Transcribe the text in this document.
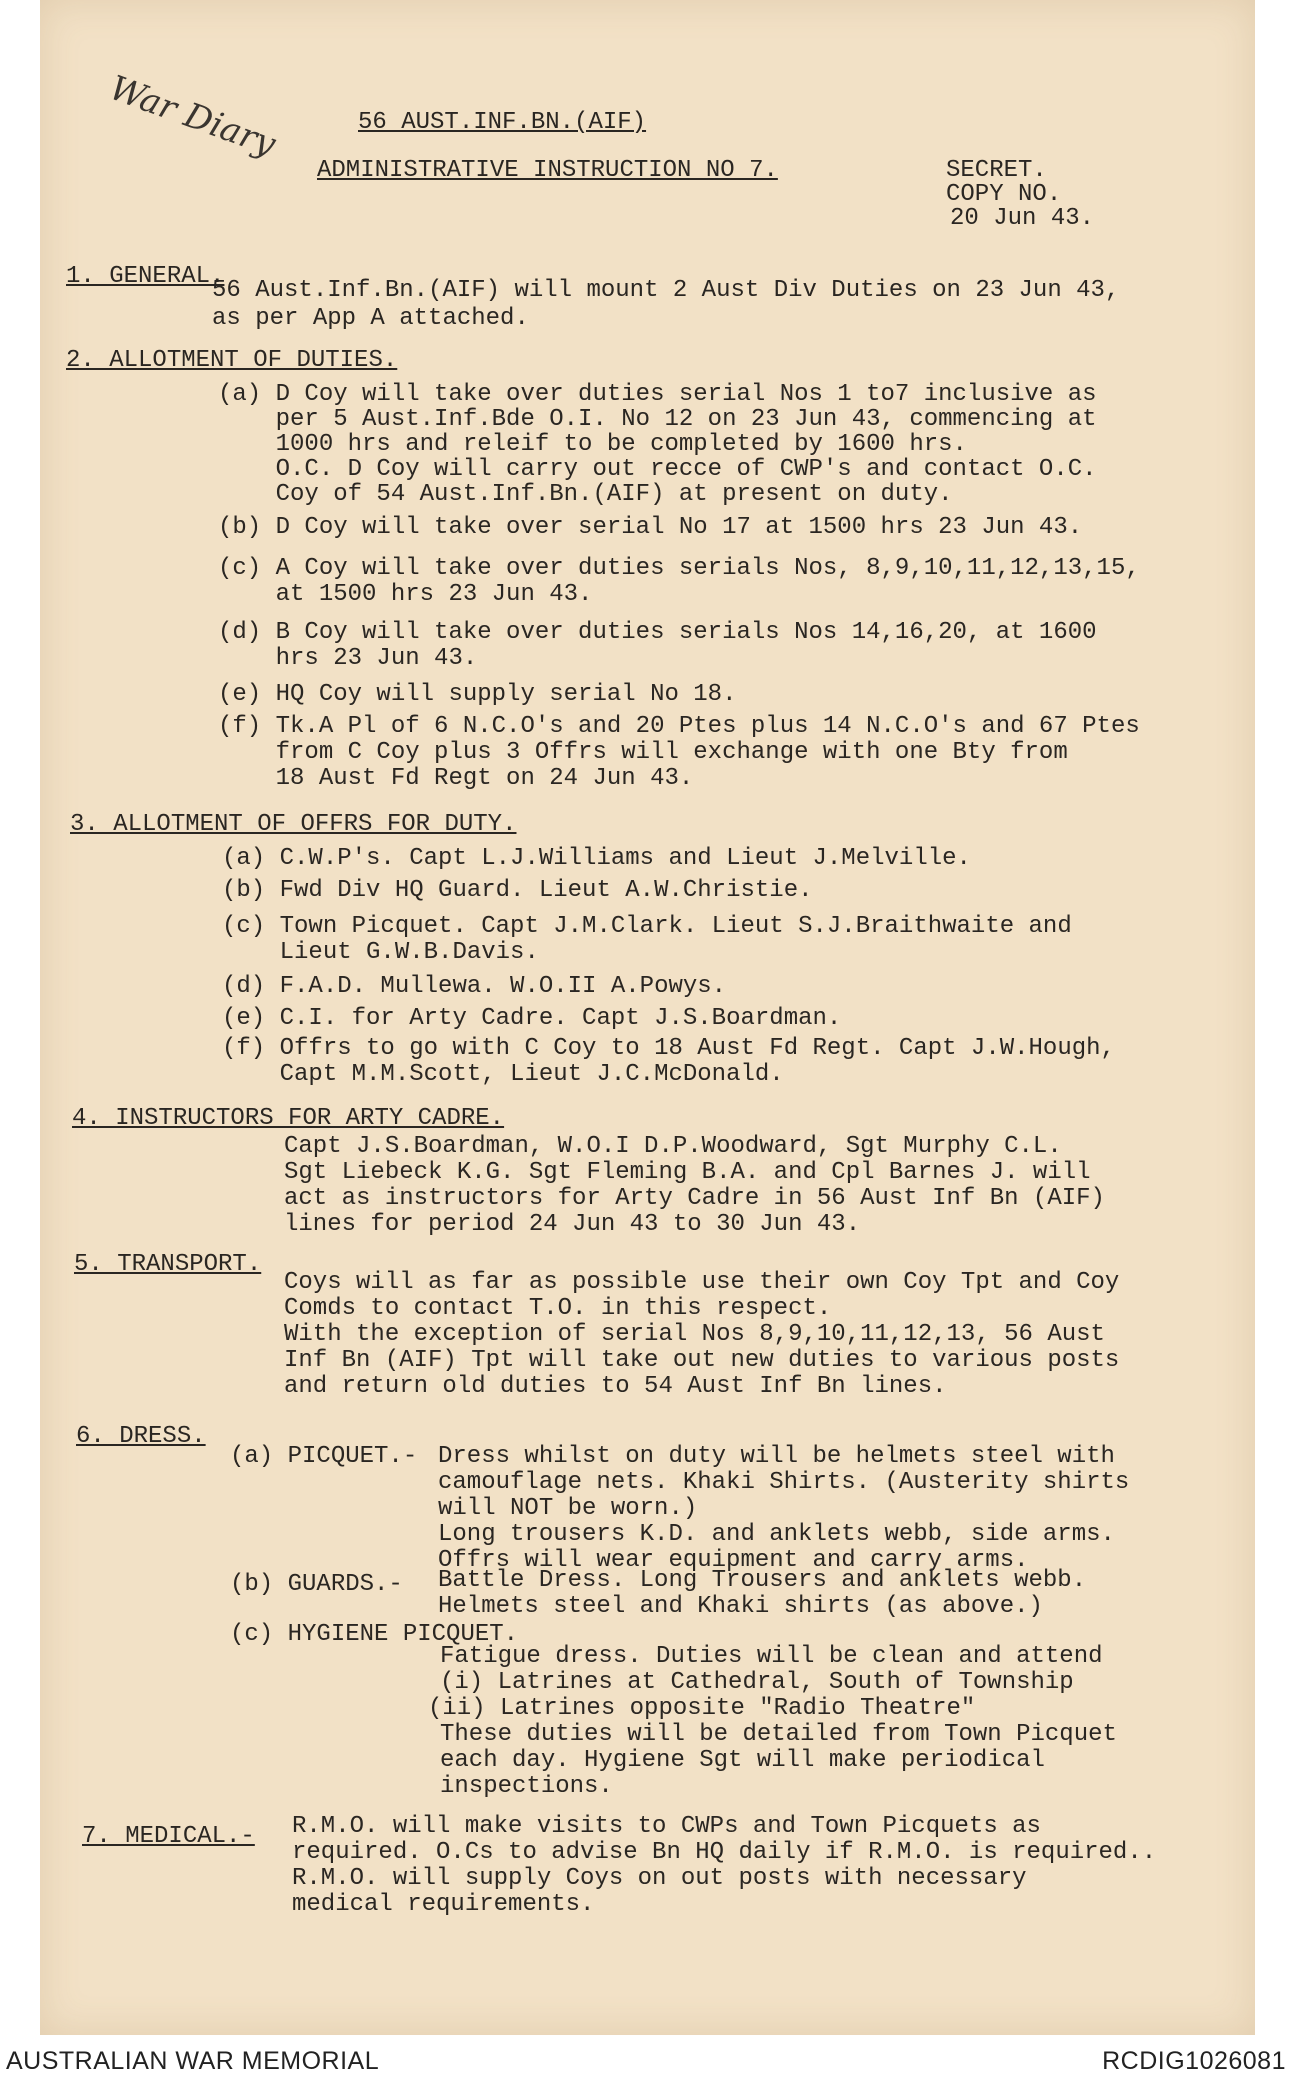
War Diary	56 AUST.INF.BN.(AIF)
ADMINISTRATIVE INSTRUCTION NO 7.	SECRET.
COPY NO.
20 Jun 43.
1. GENERAL.
56 Aust.Inf.Bn.(AIF) will mount 2 Aust Div Duties on 23 Jun 43,
as per App A attached.
2. ALLOTMENT OF DUTIES.
(a) D Coy will take over duties serial Nos 1 to7 inclusive as
per 5 Aust.Inf.Bde O.I. No 12 on 23 Jun 43, commencing at
1000 hrs and releif to be completed by 1600 hrs.
O.C. D Coy will carry out recce of CWP's and contact O.C.
Coy of 54 Aust.Inf.Bn.(AIF) at present on duty.
(b) D Coy will take over serial No 17 at 1500 hrs 23 Jun 43.
(c) A Coy will take over duties serials Nos, 8,9,10,11,12,13,15,
at 1500 hrs 23 Jun 43.
(d) B Coy will take over duties serials Nos 14,16,20, at 1600
hrs 23 Jun 43.
(e) HQ Coy will supply serial No 18.
(f) Tk.A Pl of 6 N.C.O's and 20 Ptes plus 14 N.C.O's and 67 Ptes
from C Coy plus 3 Offrs will exchange with one Bty from
18 Aust Fd Regt on 24 Jun 43.
3. ALLOTMENT OF OFFRS FOR DUTY.
(a) C.W.P's. Capt L.J.Williams and Lieut J.Melville.
(b) Fwd Div HQ Guard. Lieut A.W.Christie.
(c) Town Picquet. Capt J.M.Clark. Lieut S.J.Braithwaite and
Lieut G.W.B.Davis.
(d) F.A.D. Mullewa. W.O.II A.Powys.
(e) C.I. for Arty Cadre. Capt J.S.Boardman.
(f) Offrs to go with C Coy to 18 Aust Fd Regt. Capt J.W.Hough,
Capt M.M.Scott, Lieut J.C.McDonald.
4. INSTRUCTORS FOR ARTY CADRE.
Capt J.S.Boardman, W.O.I D.P.Woodward, Sgt Murphy C.L.
Sgt Liebeck K.G. Sgt Fleming B.A. and Cpl Barnes J. will
act as instructors for Arty Cadre in 56 Aust Inf Bn (AIF)
lines for period 24 Jun 43 to 30 Jun 43.
5. TRANSPORT.
Coys will as far as possible use their own Coy Tpt and Coy
Comds to contact T.O. in this respect.
With the exception of serial Nos 8,9,10,11,12,13, 56 Aust
Inf Bn (AIF) Tpt will take out new duties to various posts
and return old duties to 54 Aust Inf Bn lines.
6. DRESS.
(a) PICQUET.- Dress whilst on duty will be helmets steel with
camouflage nets. Khaki Shirts. (Austerity shirts
will NOT be worn.)
Long trousers K.D. and anklets webb, side arms.
Offrs will wear equipment and carry arms.
(b) GUARDS.- Battle Dress. Long Trousers and anklets webb.
Helmets steel and Khaki shirts (as above.)
(c) HYGIENE PICQUET.
Fatigue dress. Duties will be clean and attend
(i) Latrines at Cathedral, South of Township
(ii) Latrines opposite "Radio Theatre"
These duties will be detailed from Town Picquet
each day. Hygiene Sgt will make periodical
inspections.
7. MEDICAL.- R.M.O. will make visits to CWPs and Town Picquets as
required. O.Cs to advise Bn HQ daily if R.M.O. is required..
R.M.O. will supply Coys on out posts with necessary
medical requirements.
AUSTRALIAN WAR MEMORIAL	RCDIG1026081
